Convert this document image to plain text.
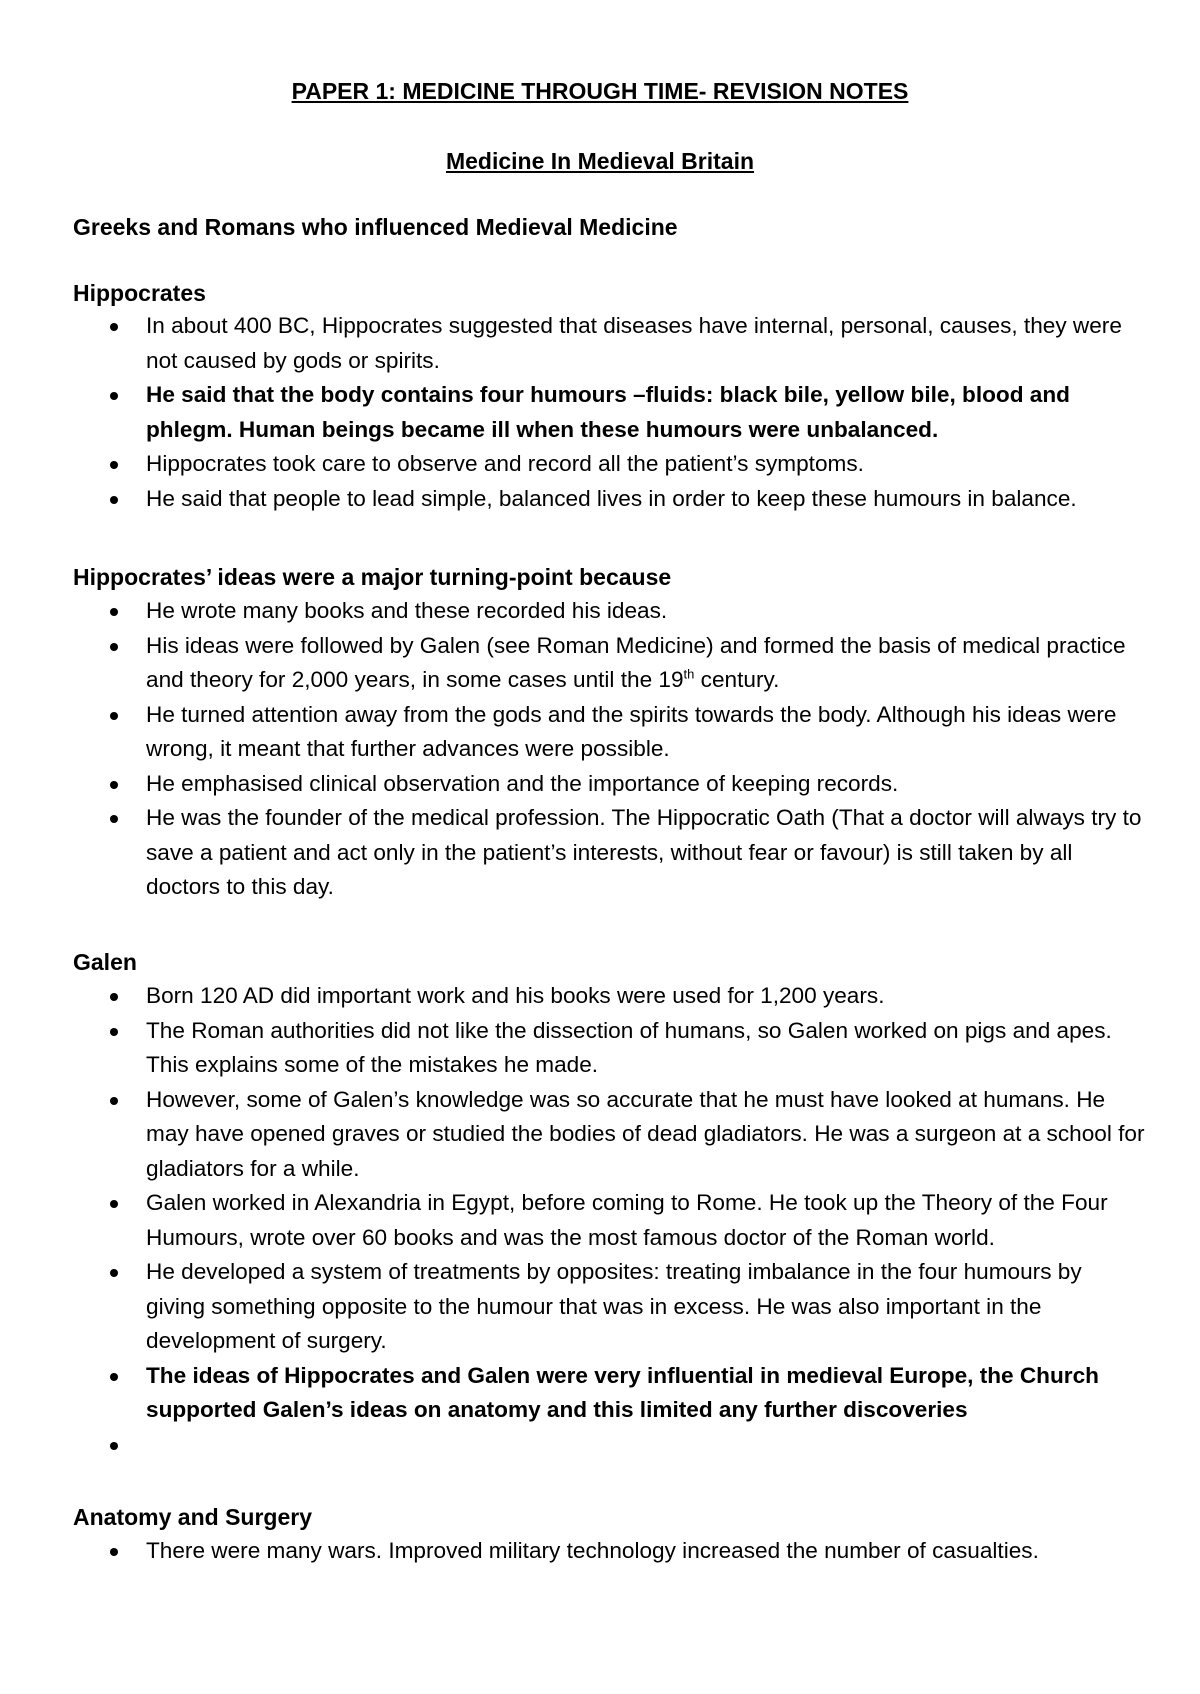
PAPER 1: MEDICINE THROUGH TIME- REVISION NOTES
Medicine In Medieval Britain
Greeks and Romans who influenced Medieval Medicine
Hippocrates
In about 400 BC, Hippocrates suggested that diseases have internal, personal, causes, they were not caused by gods or spirits.
He said that the body contains four humours –fluids: black bile, yellow bile, blood and phlegm. Human beings became ill when these humours were unbalanced.
Hippocrates took care to observe and record all the patient’s symptoms.
He said that people to lead simple, balanced lives in order to keep these humours in balance.
Hippocrates’ ideas were a major turning-point because
He wrote many books and these recorded his ideas.
His ideas were followed by Galen (see Roman Medicine) and formed the basis of medical practice and theory for 2,000 years, in some cases until the 19th century.
He turned attention away from the gods and the spirits towards the body. Although his ideas were wrong, it meant that further advances were possible.
He emphasised clinical observation and the importance of keeping records.
He was the founder of the medical profession. The Hippocratic Oath (That a doctor will always try to save a patient and act only in the patient’s interests, without fear or favour) is still taken by all doctors to this day.
Galen
Born 120 AD did important work and his books were used for 1,200 years.
The Roman authorities did not like the dissection of humans, so Galen worked on pigs and apes. This explains some of the mistakes he made.
However, some of Galen’s knowledge was so accurate that he must have looked at humans. He may have opened graves or studied the bodies of dead gladiators. He was a surgeon at a school for gladiators for a while.
Galen worked in Alexandria in Egypt, before coming to Rome. He took up the Theory of the Four Humours, wrote over 60 books and was the most famous doctor of the Roman world.
He developed a system of treatments by opposites: treating imbalance in the four humours by giving something opposite to the humour that was in excess. He was also important in the development of surgery.
The ideas of Hippocrates and Galen were very influential in medieval Europe, the Church supported Galen’s ideas on anatomy and this limited any further discoveries
Anatomy and Surgery
There were many wars. Improved military technology increased the number of casualties.
